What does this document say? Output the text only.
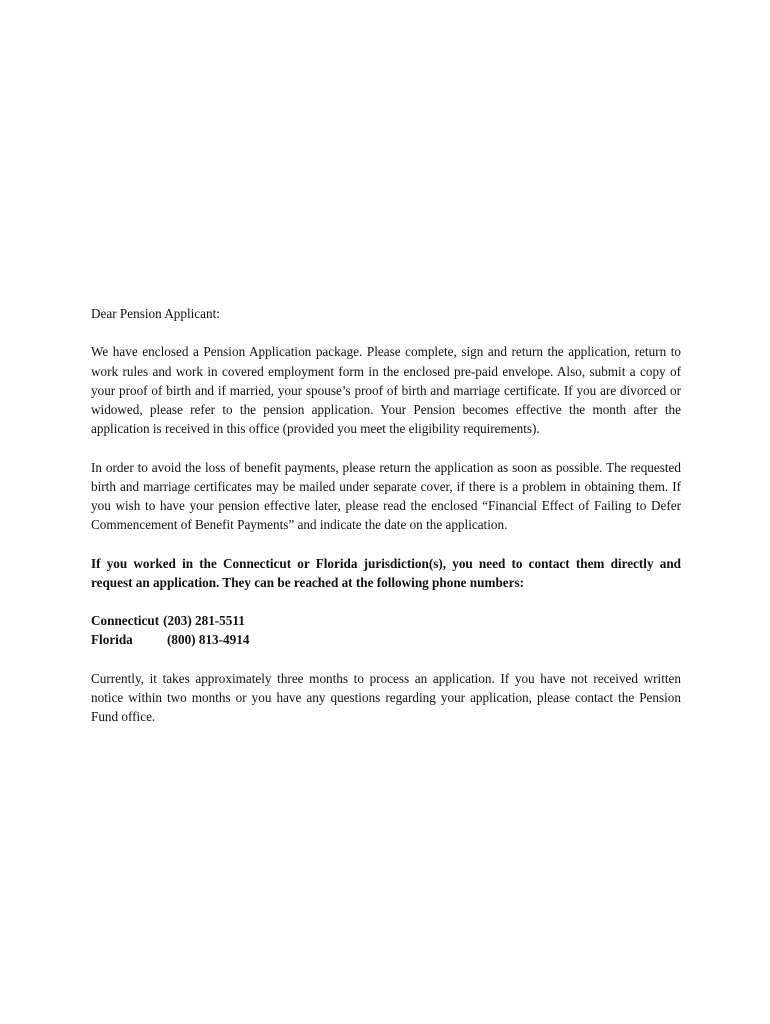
Dear Pension Applicant:

We have enclosed a Pension Application package. Please complete, sign and return the application, return to work rules and work in covered employment form in the enclosed pre-paid envelope. Also, submit a copy of your proof of birth and if married, your spouse’s proof of birth and marriage certificate. If you are divorced or widowed, please refer to the pension application. Your Pension becomes effective the month after the application is received in this office (provided you meet the eligibility requirements).

In order to avoid the loss of benefit payments, please return the application as soon as possible. The requested birth and marriage certificates may be mailed under separate cover, if there is a problem in obtaining them. If you wish to have your pension effective later, please read the enclosed “Financial Effect of Failing to Defer Commencement of Benefit Payments” and indicate the date on the application.

If you worked in the Connecticut or Florida jurisdiction(s), you need to contact them directly and request an application. They can be reached at the following phone numbers:

Connecticut (203) 281-5511
Florida	(800) 813-4914

Currently, it takes approximately three months to process an application. If you have not received written notice within two months or you have any questions regarding your application, please contact the Pension Fund office.
